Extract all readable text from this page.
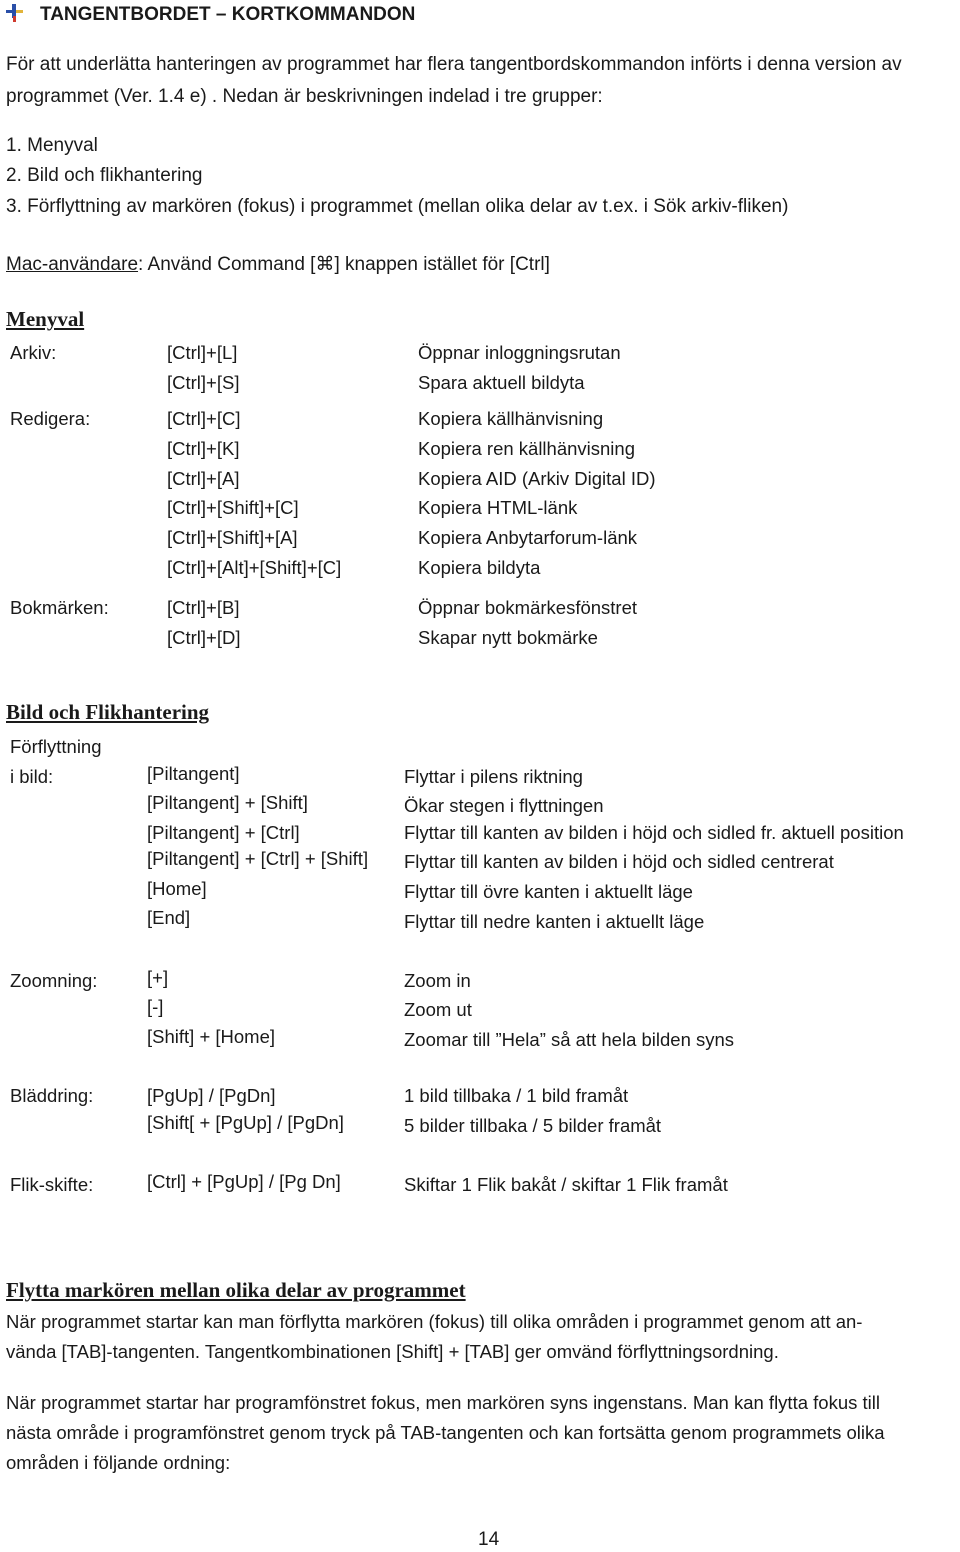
TANGENTBORDET – KORTKOMMANDON
För att underlätta hanteringen av programmet har flera tangentbordskommandon införts i denna version av
programmet (Ver. 1.4 e) . Nedan är beskrivningen indelad i tre grupper:
1. Menyval
2. Bild och flikhantering
3. Förflyttning av markören (fokus) i programmet (mellan olika delar av t.ex. i Sök arkiv-fliken)
Mac-användare: Använd Command [⌘] knappen istället för [Ctrl]
Menyval
Arkiv:	[Ctrl]+[L]	Öppnar inloggningsrutan
[Ctrl]+[S]	Spara aktuell bildyta
Redigera:	[Ctrl]+[C]	Kopiera källhänvisning
[Ctrl]+[K]	Kopiera ren källhänvisning
[Ctrl]+[A]	Kopiera AID (Arkiv Digital ID)
[Ctrl]+[Shift]+[C]	Kopiera HTML-länk
[Ctrl]+[Shift]+[A]	Kopiera Anbytarforum-länk
[Ctrl]+[Alt]+[Shift]+[C]	Kopiera bildyta
Bokmärken:	[Ctrl]+[B]	Öppnar bokmärkesfönstret
[Ctrl]+[D]	Skapar nytt bokmärke
Bild och Flikhantering
Förflyttning
i bild:	[Piltangent]	Flyttar i pilens riktning
[Piltangent] + [Shift]	Ökar stegen i flyttningen
[Piltangent] + [Ctrl]	Flyttar till kanten av bilden i höjd och sidled fr. aktuell position
[Piltangent] + [Ctrl] + [Shift] Flyttar till kanten av bilden i höjd och sidled centrerat
[Home]	Flyttar till övre kanten i aktuellt läge
[End]	Flyttar till nedre kanten i aktuellt läge
Zoomning:	[+]	Zoom in
[-]	Zoom ut
[Shift] + [Home]	Zoomar till ”Hela” så att hela bilden syns
Bläddring:	[PgUp] / [PgDn]	1 bild tillbaka / 1 bild framåt
[Shift[ + [PgUp] / [PgDn]	5 bilder tillbaka / 5 bilder framåt
Flik-skifte:	[Ctrl] + [PgUp] / [Pg Dn]	Skiftar 1 Flik bakåt / skiftar 1 Flik framåt
Flytta markören mellan olika delar av programmet
När programmet startar kan man förflytta markören (fokus) till olika områden i programmet genom att an-
vända [TAB]-tangenten. Tangentkombinationen [Shift] + [TAB] ger omvänd förflyttningsordning.
När programmet startar har programfönstret fokus, men markören syns ingenstans. Man kan flytta fokus till
nästa område i programfönstret genom tryck på TAB-tangenten och kan fortsätta genom programmets olika
områden i följande ordning:
14
